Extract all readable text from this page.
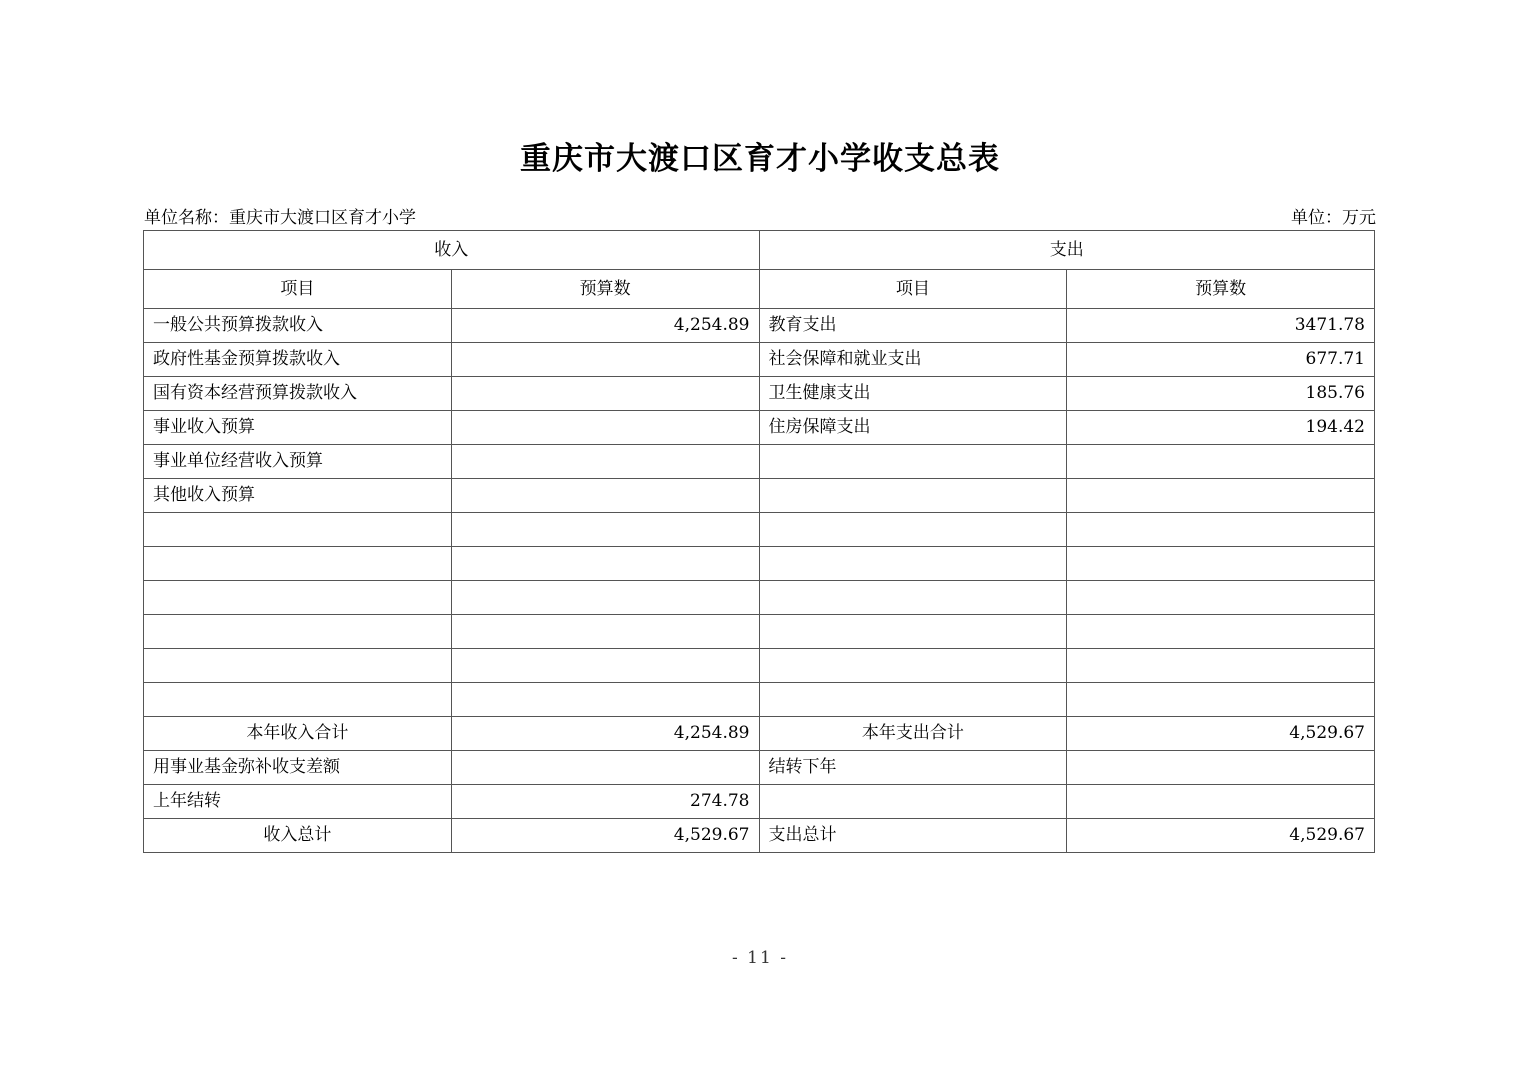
重庆市大渡口区育才小学收支总表
单位名称：重庆市大渡口区育才小学	单位：万元
收入		支出	
项目	预算数	项目	预算数
一般公共预算拨款收入	4,254.89	教育支出	3471.78
政府性基金预算拨款收入		社会保障和就业支出	677.71
国有资本经营预算拨款收入		卫生健康支出	185.76
事业收入预算		住房保障支出	194.42
事业单位经营收入预算			
其他收入预算			

本年收入合计	4,254.89	本年支出合计	4,529.67
用事业基金弥补收支差额		结转下年	
上年结转	274.78		
收入总计	4,529.67	支出总计	4,529.67
- 11 -
